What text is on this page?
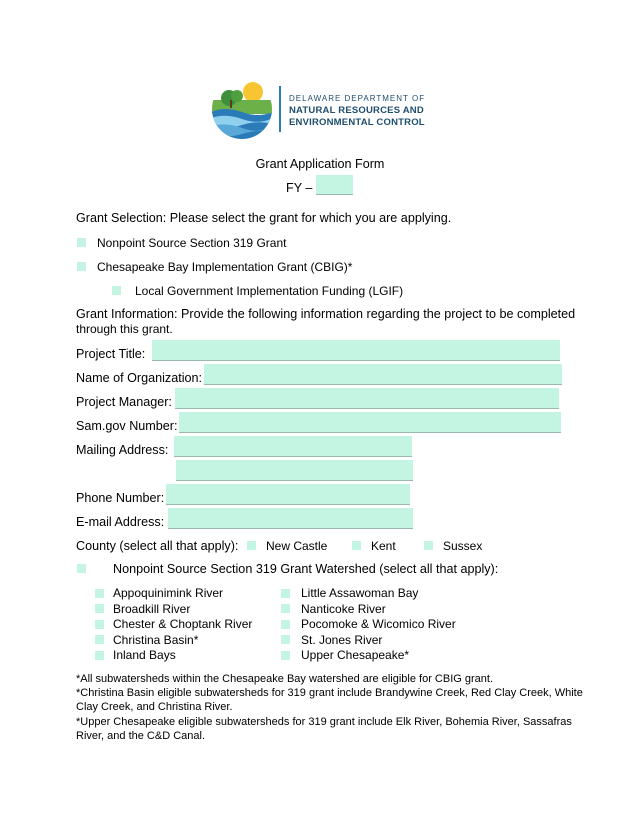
DELAWARE DEPARTMENT OF
NATURAL RESOURCES AND
ENVIRONMENTAL CONTROL
Grant Application Form
FY –
Grant Selection: Please select the grant for which you are applying.
Nonpoint Source Section 319 Grant
Chesapeake Bay Implementation Grant (CBIG)*
Local Government Implementation Funding (LGIF)
Grant Information: Provide the following information regarding the project to be completed
through this grant.
Project Title:
Name of Organization:
Project Manager:
Sam.gov Number:
Mailing Address:
Phone Number:
E-mail Address:
County (select all that apply): New Castle	Kent	Sussex
Nonpoint Source Section 319 Grant Watershed (select all that apply):
Appoquinimink River
Broadkill River
Chester & Choptank River
Christina Basin*
Inland Bays
Little Assawoman Bay
Nanticoke River
Pocomoke & Wicomico River
St. Jones River
Upper Chesapeake*
*All subwatersheds within the Chesapeake Bay watershed are eligible for CBIG grant.
*Christina Basin eligible subwatersheds for 319 grant include Brandywine Creek, Red Clay Creek, White
Clay Creek, and Christina River.
*Upper Chesapeake eligible subwatersheds for 319 grant include Elk River, Bohemia River, Sassafras
River, and the C&D Canal.
